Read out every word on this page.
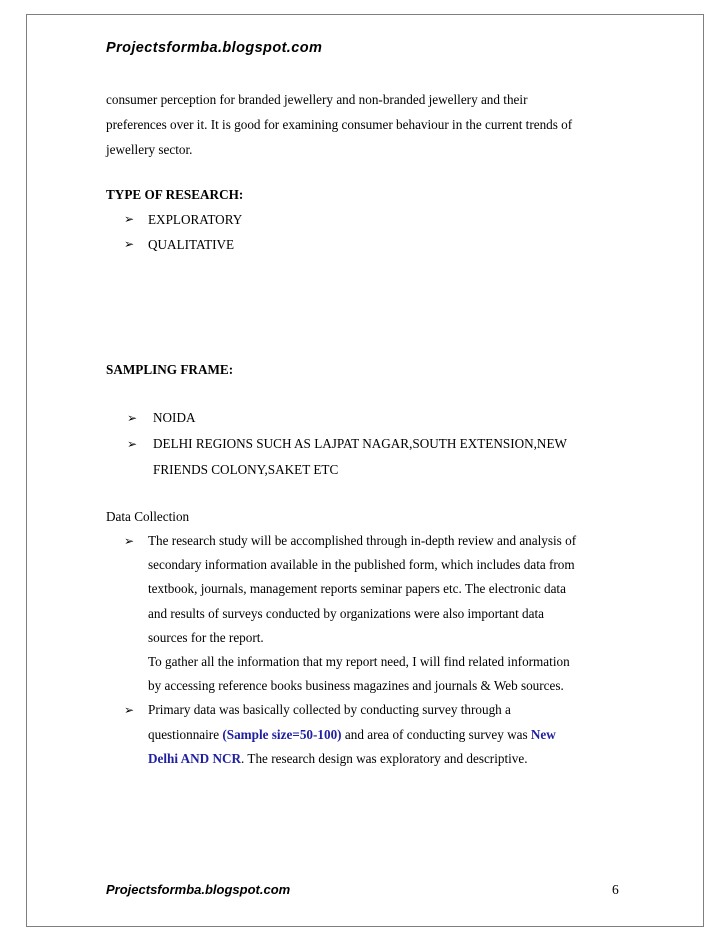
Projectsformba.blogspot.com
consumer perception for branded jewellery and non-branded jewellery and their
preferences over it. It is good for examining consumer behaviour in the current trends of
jewellery sector.
TYPE OF RESEARCH:
➢ EXPLORATORY
➢ QUALITATIVE
SAMPLING FRAME:
➢ NOIDA
➢ DELHI REGIONS SUCH AS LAJPAT NAGAR,SOUTH EXTENSION,NEW
FRIENDS COLONY,SAKET ETC
Data Collection
➢ The research study will be accomplished through in-depth review and analysis of
secondary information available in the published form, which includes data from
textbook, journals, management reports seminar papers etc. The electronic data
and results of surveys conducted by organizations were also important data
sources for the report.
To gather all the information that my report need, I will find related information
by accessing reference books business magazines and journals & Web sources.
➢ Primary data was basically collected by conducting survey through a
questionnaire (Sample size=50-100) and area of conducting survey was New
Delhi AND NCR. The research design was exploratory and descriptive.
Projectsformba.blogspot.com	6
